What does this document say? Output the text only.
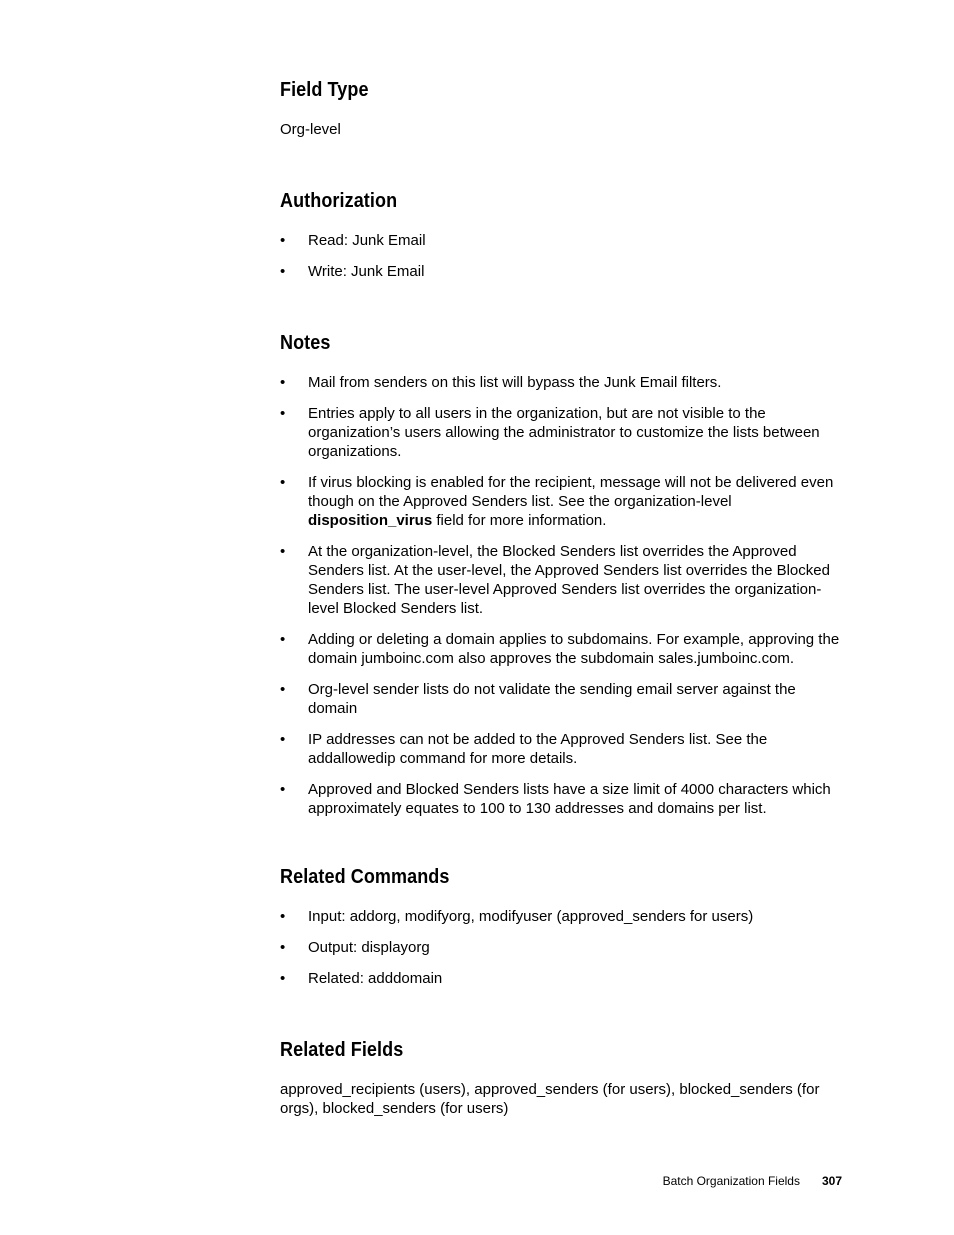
Field Type

Org-level

Authorization
•	Read: Junk Email
•	Write: Junk Email
Notes
•	Mail from senders on this list will bypass the Junk Email filters.
•	Entries apply to all users in the organization, but are not visible to the organization’s users allowing the administrator to customize the lists between organizations.
•	If virus blocking is enabled for the recipient, message will not be delivered even though on the Approved Senders list. See the organization-level disposition_virus field for more information.
•	At the organization-level, the Blocked Senders list overrides the Approved Senders list. At the user-level, the Approved Senders list overrides the Blocked Senders list. The user-level Approved Senders list overrides the organization-level Blocked Senders list.
•	Adding or deleting a domain applies to subdomains. For example, approving the domain jumboinc.com also approves the subdomain sales.jumboinc.com.
•	Org-level sender lists do not validate the sending email server against the domain
•	IP addresses can not be added to the Approved Senders list. See the addallowedip command for more details.
•	Approved and Blocked Senders lists have a size limit of 4000 characters which approximately equates to 100 to 130 addresses and domains per list.
Related Commands
•	Input: addorg, modifyorg, modifyuser (approved_senders for users)
•	Output: displayorg
•	Related: adddomain
Related Fields

approved_recipients (users), approved_senders (for users), blocked_senders (for orgs), blocked_senders (for users)

Batch Organization Fields 307
